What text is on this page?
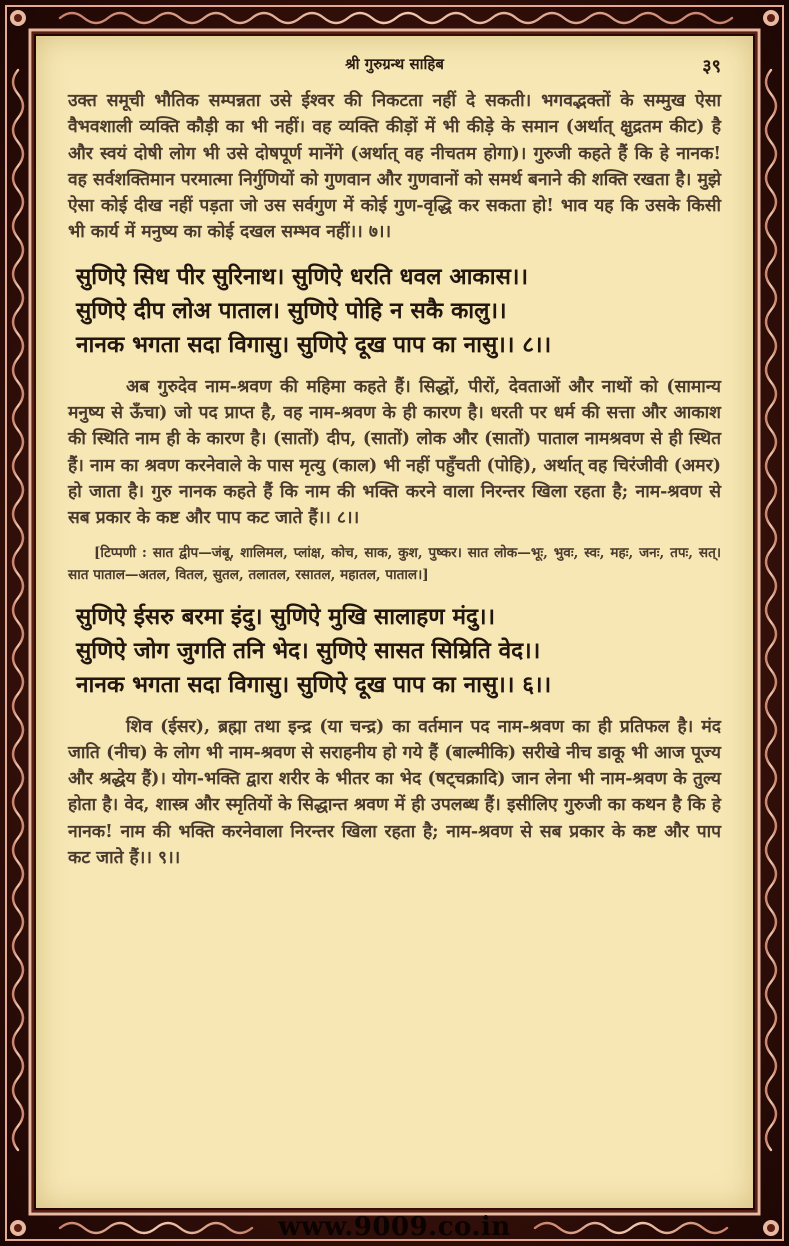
श्री गुरुग्रन्थ साहिब	३९

उक्त समूची भौतिक सम्पन्नता उसे ईश्वर की निकटता नहीं दे सकती। भगवद्भक्तों के सम्मुख ऐसा वैभवशाली व्यक्ति कौड़ी का भी नहीं। वह व्यक्ति कीड़ों में भी कीड़े के समान (अर्थात् क्षुद्रतम कीट) है और स्वयं दोषी लोग भी उसे दोषपूर्ण मानेंगे (अर्थात् वह नीचतम होगा)। गुरुजी कहते हैं कि हे नानक! वह सर्वशक्तिमान परमात्मा निर्गुणियों को गुणवान और गुणवानों को समर्थ बनाने की शक्ति रखता है। मुझे ऐसा कोई दीख नहीं पड़ता जो उस सर्वगुण में कोई गुण-वृद्धि कर सकता हो! भाव यह कि उसके किसी भी कार्य में मनुष्य का कोई दखल सम्भव नहीं।। ७।।

सुणिऐ सिध पीर सुरिनाथ। सुणिऐ धरति धवल आकास।।
सुणिऐ दीप लोअ पाताल। सुणिऐ पोहि न सकै कालु।।
नानक भगता सदा विगासु। सुणिऐ दूख पाप का नासु।। ८।।

अब गुरुदेव नाम-श्रवण की महिमा कहते हैं। सिद्धों, पीरों, देवताओं और नाथों को (सामान्य मनुष्य से ऊँचा) जो पद प्राप्त है, वह नाम-श्रवण के ही कारण है। धरती पर धर्म की सत्ता और आकाश की स्थिति नाम ही के कारण है। (सातों) दीप, (सातों) लोक और (सातों) पाताल नामश्रवण से ही स्थित हैं। नाम का श्रवण करनेवाले के पास मृत्यु (काल) भी नहीं पहुँचती (पोहि), अर्थात् वह चिरंजीवी (अमर) हो जाता है। गुरु नानक कहते हैं कि नाम की भक्ति करने वाला निरन्तर खिला रहता है; नाम-श्रवण से सब प्रकार के कष्ट और पाप कट जाते हैं।। ८।।

[टिप्पणी : सात द्वीप—जंबू, शालिमल, प्लांक्ष, कोच, साक, कुश, पुष्कर। सात लोक—भूः, भुवः, स्वः, महः, जनः, तपः, सत्। सात पाताल—अतल, वितल, सुतल, तलातल, रसातल, महातल, पाताल।]

सुणिऐ ईसरु बरमा इंदु। सुणिऐ मुखि सालाहण मंदु।।
सुणिऐ जोग जुगति तनि भेद। सुणिऐ सासत सिम्रिति वेद।।
नानक भगता सदा विगासु। सुणिऐ दूख पाप का नासु।। ६।।

शिव (ईसर), ब्रह्मा तथा इन्द्र (या चन्द्र) का वर्तमान पद नाम-श्रवण का ही प्रतिफल है। मंद जाति (नीच) के लोग भी नाम-श्रवण से सराहनीय हो गये हैं (बाल्मीकि) सरीखे नीच डाकू भी आज पूज्य और श्रद्धेय हैं)। योग-भक्ति द्वारा शरीर के भीतर का भेद (षट्चक्रादि) जान लेना भी नाम-श्रवण के तुल्य होता है। वेद, शास्त्र और स्मृतियों के सिद्धान्त श्रवण में ही उपलब्ध हैं। इसीलिए गुरुजी का कथन है कि हे नानक! नाम की भक्ति करनेवाला निरन्तर खिला रहता है; नाम-श्रवण से सब प्रकार के कष्ट और पाप कट जाते हैं।। ९।।

www.9009.co.in
